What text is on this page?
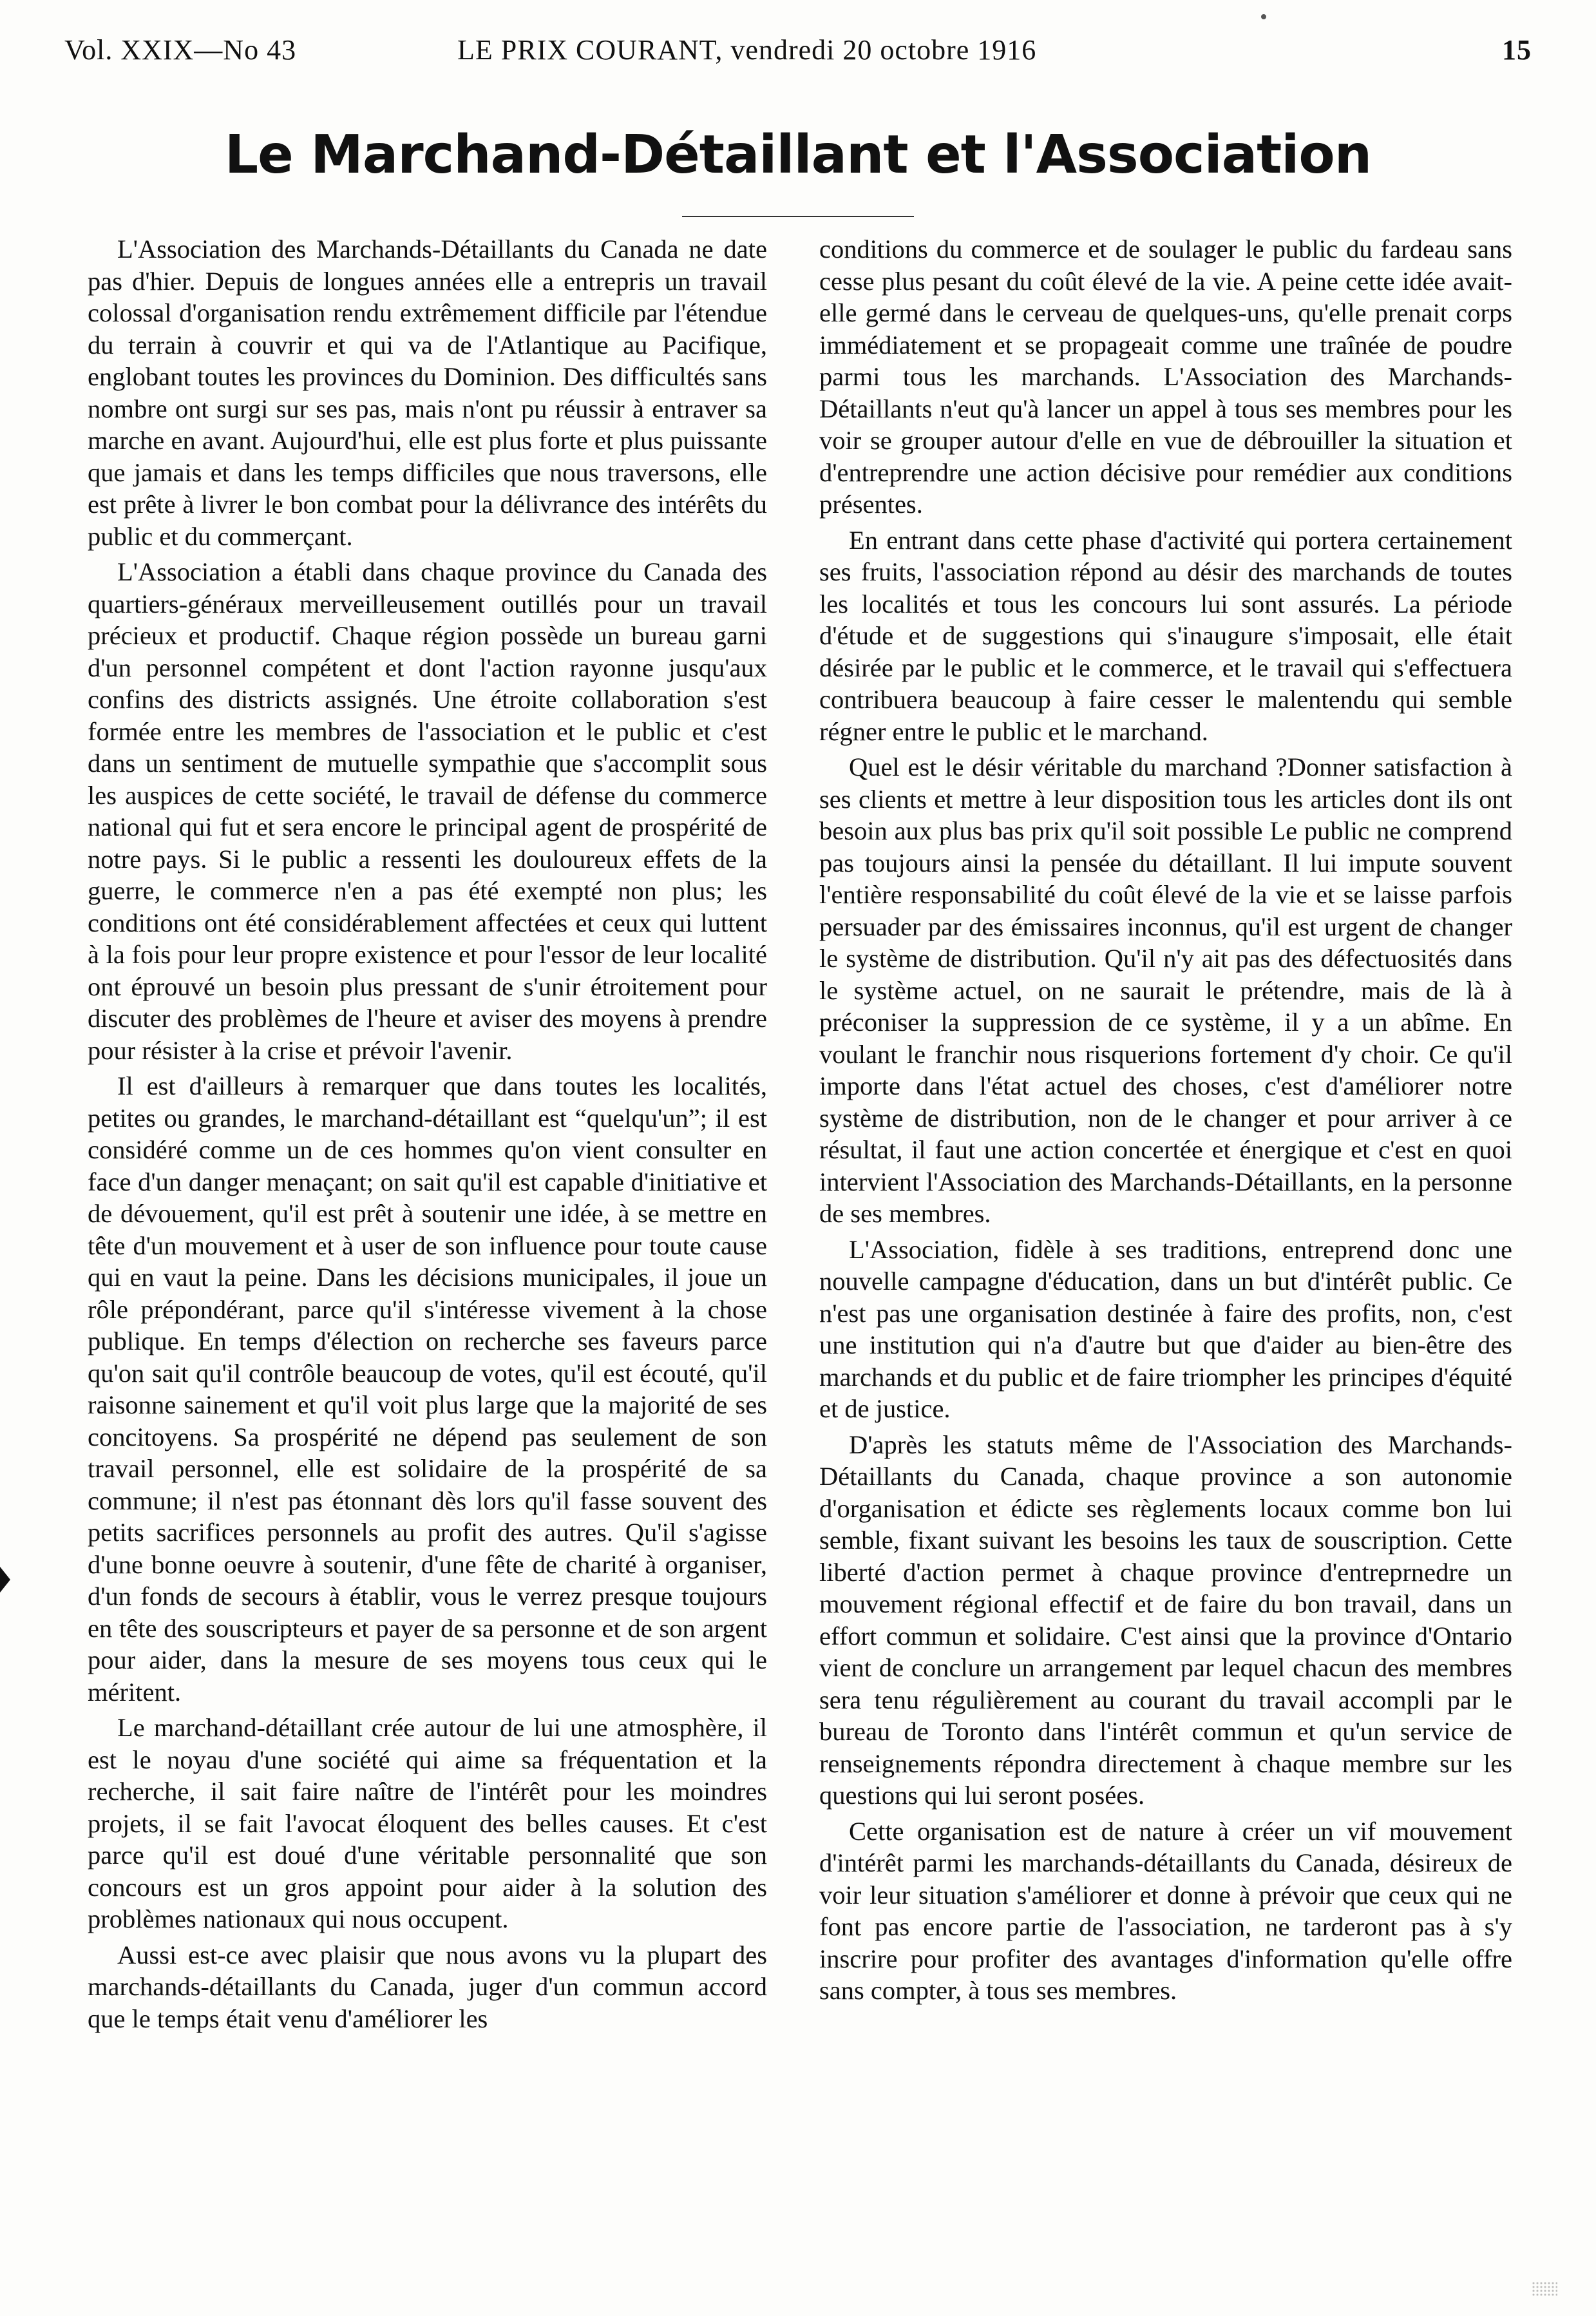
Vol. XXIX—No 43	LE PRIX COURANT, vendredi 20 octobre 1916	15
Le Marchand-Détaillant et l'Association

L'Association des Marchands-Détaillants du Canada ne date pas d'hier. Depuis de longues années elle a entrepris un travail colossal d'organisation rendu extrêmement difficile par l'étendue du terrain à couvrir et qui va de l'Atlantique au Pacifique, englobant toutes les provinces du Dominion. Des difficultés sans nombre ont surgi sur ses pas, mais n'ont pu réussir à entraver sa marche en avant. Aujourd'hui, elle est plus forte et plus puissante que jamais et dans les temps difficiles que nous traversons, elle est prête à livrer le bon combat pour la délivrance des intérêts du public et du commerçant.

L'Association a établi dans chaque province du Canada des quartiers-généraux merveilleusement outillés pour un travail précieux et productif. Chaque région possède un bureau garni d'un personnel compétent et dont l'action rayonne jusqu'aux confins des districts assignés. Une étroite collaboration s'est formée entre les membres de l'association et le public et c'est dans un sentiment de mutuelle sympathie que s'accomplit sous les auspices de cette société, le travail de défense du commerce national qui fut et sera encore le principal agent de prospérité de notre pays. Si le public a ressenti les douloureux effets de la guerre, le commerce n'en a pas été exempté non plus; les conditions ont été considérablement affectées et ceux qui luttent à la fois pour leur propre existence et pour l'essor de leur localité ont éprouvé un besoin plus pressant de s'unir étroitement pour discuter des problèmes de l'heure et aviser des moyens à prendre pour résister à la crise et prévoir l'avenir.

Il est d'ailleurs à remarquer que dans toutes les localités, petites ou grandes, le marchand-détaillant est “quelqu'un”; il est considéré comme un de ces hommes qu'on vient consulter en face d'un danger menaçant; on sait qu'il est capable d'initiative et de dévouement, qu'il est prêt à soutenir une idée, à se mettre en tête d'un mouvement et à user de son influence pour toute cause qui en vaut la peine. Dans les décisions municipales, il joue un rôle prépondérant, parce qu'il s'intéresse vivement à la chose publique. En temps d'élection on recherche ses faveurs parce qu'on sait qu'il contrôle beaucoup de votes, qu'il est écouté, qu'il raisonne sainement et qu'il voit plus large que la majorité de ses concitoyens. Sa prospérité ne dépend pas seulement de son travail personnel, elle est solidaire de la prospérité de sa commune; il n'est pas étonnant dès lors qu'il fasse souvent des petits sacrifices personnels au profit des autres. Qu'il s'agisse d'une bonne oeuvre à soutenir, d'une fête de charité à organiser, d'un fonds de secours à établir, vous le verrez presque toujours en tête des souscripteurs et payer de sa personne et de son argent pour aider, dans la mesure de ses moyens tous ceux qui le méritent.

Le marchand-détaillant crée autour de lui une atmosphère, il est le noyau d'une société qui aime sa fréquentation et la recherche, il sait faire naître de l'intérêt pour les moindres projets, il se fait l'avocat éloquent des belles causes. Et c'est parce qu'il est doué d'une véritable personnalité que son concours est un gros appoint pour aider à la solution des problèmes nationaux qui nous occupent.

Aussi est-ce avec plaisir que nous avons vu la plupart des marchands-détaillants du Canada, juger d'un commun accord que le temps était venu d'améliorer les

conditions du commerce et de soulager le public du fardeau sans cesse plus pesant du coût élevé de la vie. A peine cette idée avait-elle germé dans le cerveau de quelques-uns, qu'elle prenait corps immédiatement et se propageait comme une traînée de poudre parmi tous les marchands. L'Association des Marchands-Détaillants n'eut qu'à lancer un appel à tous ses membres pour les voir se grouper autour d'elle en vue de débrouiller la situation et d'entreprendre une action décisive pour remédier aux conditions présentes.

En entrant dans cette phase d'activité qui portera certainement ses fruits, l'association répond au désir des marchands de toutes les localités et tous les concours lui sont assurés. La période d'étude et de suggestions qui s'inaugure s'imposait, elle était désirée par le public et le commerce, et le travail qui s'effectuera contribuera beaucoup à faire cesser le malentendu qui semble régner entre le public et le marchand.

Quel est le désir véritable du marchand ?Donner satisfaction à ses clients et mettre à leur disposition tous les articles dont ils ont besoin aux plus bas prix qu'il soit possible Le public ne comprend pas toujours ainsi la pensée du détaillant. Il lui impute souvent l'entière responsabilité du coût élevé de la vie et se laisse parfois persuader par des émissaires inconnus, qu'il est urgent de changer le système de distribution. Qu'il n'y ait pas des défectuosités dans le système actuel, on ne saurait le prétendre, mais de là à préconiser la suppression de ce système, il y a un abîme. En voulant le franchir nous risquerions fortement d'y choir. Ce qu'il importe dans l'état actuel des choses, c'est d'améliorer notre système de distribution, non de le changer et pour arriver à ce résultat, il faut une action concertée et énergique et c'est en quoi intervient l'Association des Marchands-Détaillants, en la personne de ses membres.

L'Association, fidèle à ses traditions, entreprend donc une nouvelle campagne d'éducation, dans un but d'intérêt public. Ce n'est pas une organisation destinée à faire des profits, non, c'est une institution qui n'a d'autre but que d'aider au bien-être des marchands et du public et de faire triompher les principes d'équité et de justice.

D'après les statuts même de l'Association des Marchands-Détaillants du Canada, chaque province a son autonomie d'organisation et édicte ses règlements locaux comme bon lui semble, fixant suivant les besoins les taux de souscription. Cette liberté d'action permet à chaque province d'entreprnedre un mouvement régional effectif et de faire du bon travail, dans un effort commun et solidaire. C'est ainsi que la province d'Ontario vient de conclure un arrangement par lequel chacun des membres sera tenu régulièrement au courant du travail accompli par le bureau de Toronto dans l'intérêt commun et qu'un service de renseignements répondra directement à chaque membre sur les questions qui lui seront posées.

Cette organisation est de nature à créer un vif mouvement d'intérêt parmi les marchands-détaillants du Canada, désireux de voir leur situation s'améliorer et donne à prévoir que ceux qui ne font pas encore partie de l'association, ne tarderont pas à s'y inscrire pour profiter des avantages d'information qu'elle offre sans compter, à tous ses membres.
